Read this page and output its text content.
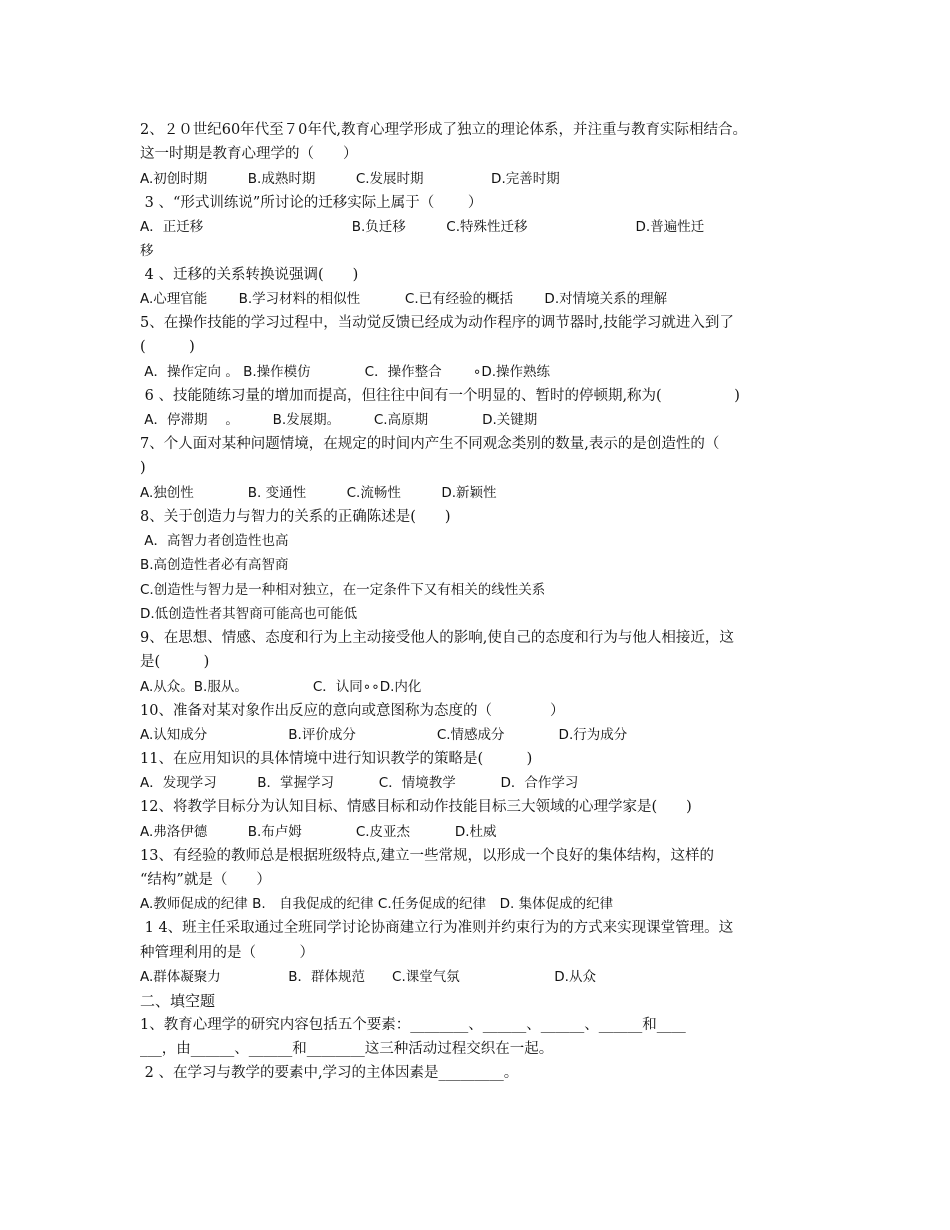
2、２０世纪60年代至７0年代,教育心理学形成了独立的理论体系，并注重与教育实际相结合。
这一时期是教育心理学的（　　）
A.初创时期　　　B.成熟时期　　　C.发展时期　　　　　D.完善时期
3 、“形式训练说”所讨论的迁移实际上属于（　　 ）
A．正迁移　　　　　　　　　　　B.负迁移　　　C.特殊性迁移　　　　　　　　D.普遍性迁
移
4 、迁移的关系转换说强调(　　)
A.心理官能　　 B.学习材料的相似性　　　 C.已有经验的概括　　 D.对情境关系的理解
5、在操作技能的学习过程中，当动觉反馈已经成为动作程序的调节器时,技能学习就进入到了
(　　　)
A．操作定向 。 B.操作模仿　　　　C．操作整合　　 ∘D.操作熟练
6 、技能随练习量的增加而提高，但往往中间有一个明显的、暂时的停顿期,称为(　　　　　)
A．停滞期　 。　　　B.发展期。　　　C.高原期　　　　D.关键期
7、个人面对某种问题情境，在规定的时间内产生不同观念类别的数量,表示的是创造性的（
)
A.独创性　　　　B. 变通性　　　C.流畅性　　　D.新颖性
8、关于创造力与智力的关系的正确陈述是(　　)
A．高智力者创造性也高
B.高创造性者必有高智商
C.创造性与智力是一种相对独立，在一定条件下又有相关的线性关系
D.低创造性者其智商可能高也可能低
9、在思想、情感、态度和行为上主动接受他人的影响,使自己的态度和行为与他人相接近，这
是(　　　)
A.从众。B.服从。　　　　　 C．认同∘∘D.内化
10、准备对某对象作出反应的意向或意图称为态度的（　　　　）
A.认知成分　　　　　　B.评价成分　　　　　　C.情感成分　　　　D.行为成分
11、在应用知识的具体情境中进行知识教学的策略是(　　　)
A．发现学习　　　B．掌握学习　　　 C．情境教学　　　 D．合作学习
12、将教学目标分为认知目标、情感目标和动作技能目标三大领域的心理学家是(　　)
A.弗洛伊德　　　B.布卢姆　　　　C.皮亚杰　　　 D.杜威
13、有经验的教师总是根据班级特点,建立一些常规，以形成一个良好的集体结构，这样的
“结构”就是（　　）
A.教师促成的纪律 B.　自我促成的纪律 C.任务促成的纪律　D. 集体促成的纪律
1 4、班主任采取通过全班同学讨论协商建立行为准则并约束行为的方式来实现课堂管理。这
种管理利用的是（　　　）
A.群体凝聚力　　　　　B．群体规范　　C.课堂气氛　　　　　　　D.从众
二、填空题
1、教育心理学的研究内容包括五个要素：________、______、______、______和____
___，由______、______和________这三种活动过程交织在一起。
2 、在学习与教学的要素中,学习的主体因素是_________。
